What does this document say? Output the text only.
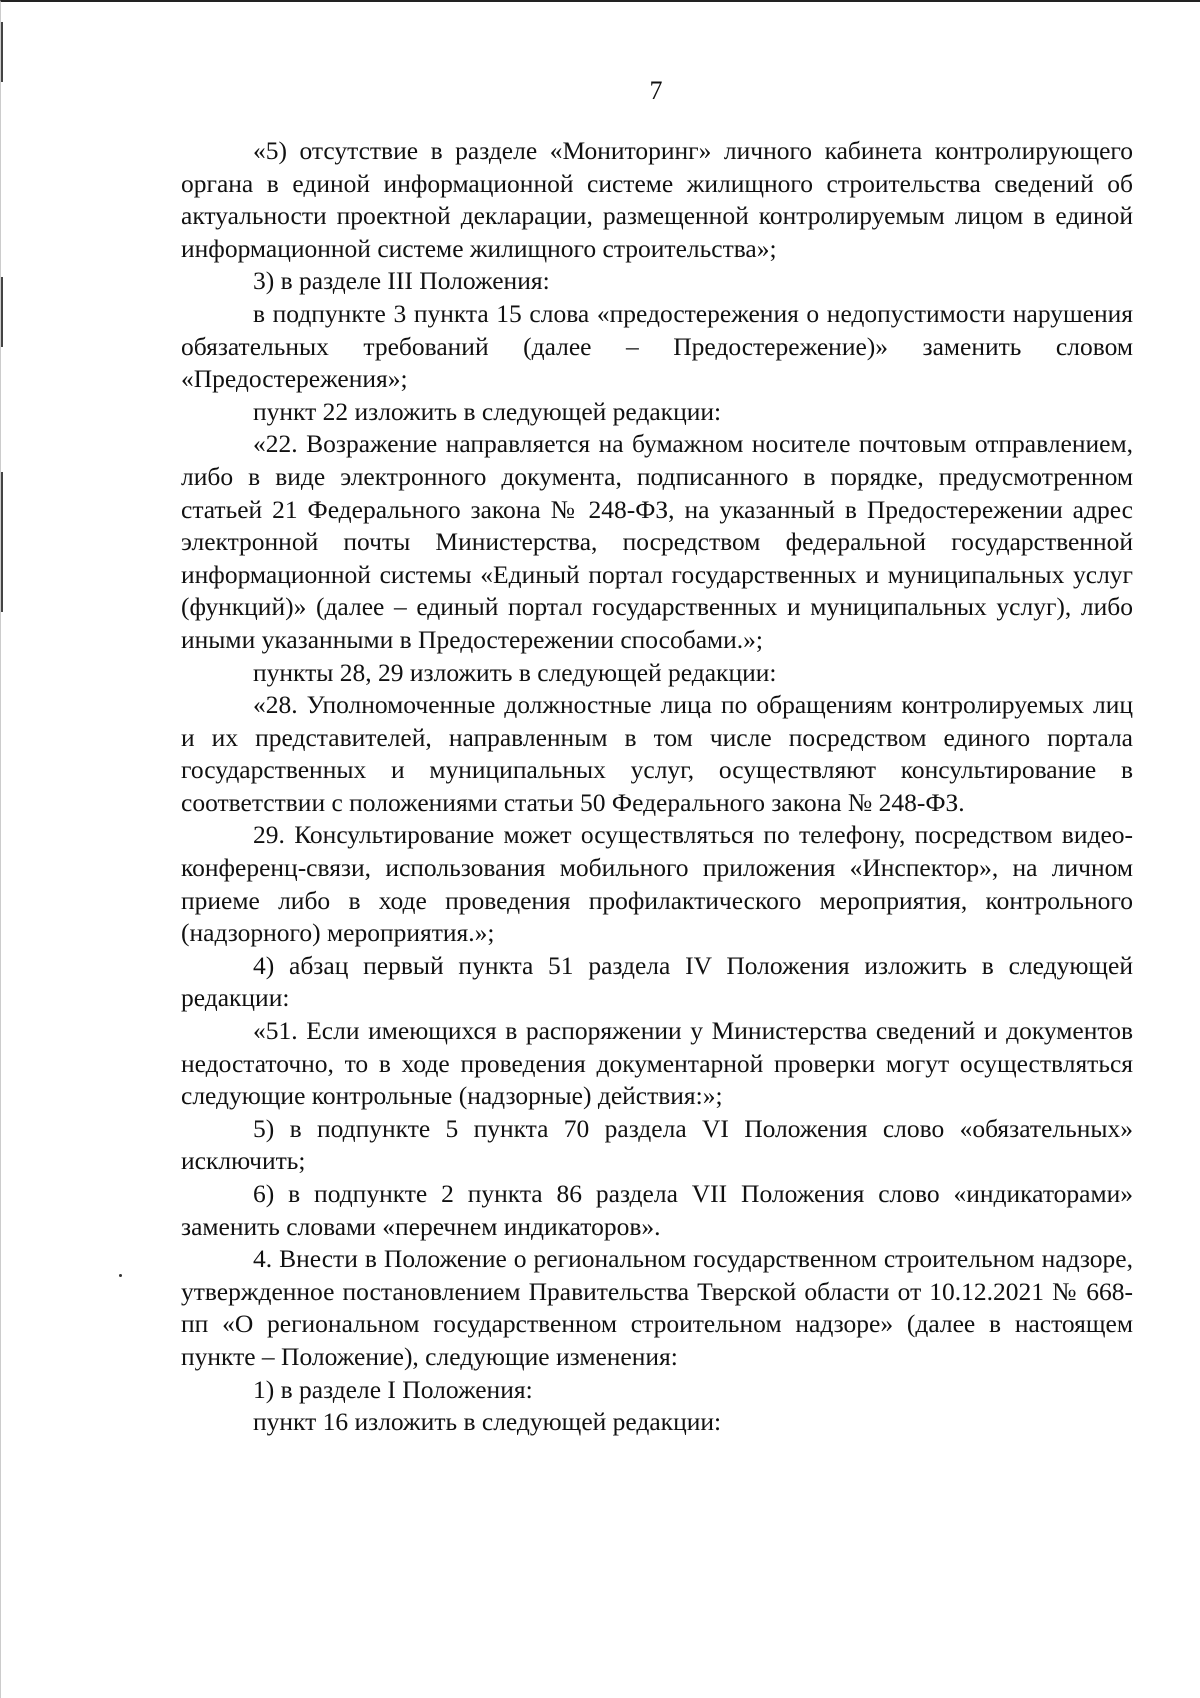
7

«5) отсутствие в разделе «Мониторинг» личного кабинета контролирующего органа в единой информационной системе жилищного строительства сведений об актуальности проектной декларации, размещенной контролируемым лицом в единой информационной системе жилищного строительства»;

3) в разделе III Положения:

в подпункте 3 пункта 15 слова «предостережения о недопустимости нарушения обязательных требований (далее – Предостережение)» заменить словом «Предостережения»;

пункт 22 изложить в следующей редакции:

«22. Возражение направляется на бумажном носителе почтовым отправлением, либо в виде электронного документа, подписанного в порядке, предусмотренном статьей 21 Федерального закона № 248-ФЗ, на указанный в Предостережении адрес электронной почты Министерства, посредством федеральной государственной информационной системы «Единый портал государственных и муниципальных услуг (функций)» (далее – единый портал государственных и муниципальных услуг), либо иными указанными в Предостережении способами.»;

пункты 28, 29 изложить в следующей редакции:

«28. Уполномоченные должностные лица по обращениям контролируемых лиц и их представителей, направленным в том числе посредством единого портала государственных и муниципальных услуг, осуществляют консультирование в соответствии с положениями статьи 50 Федерального закона № 248-ФЗ.

29. Консультирование может осуществляться по телефону, посредством видео-конференц-связи, использования мобильного приложения «Инспектор», на личном приеме либо в ходе проведения профилактического мероприятия, контрольного (надзорного) мероприятия.»;

4) абзац первый пункта 51 раздела IV Положения изложить в следующей редакции:

«51. Если имеющихся в распоряжении у Министерства сведений и документов недостаточно, то в ходе проведения документарной проверки могут осуществляться следующие контрольные (надзорные) действия:»;

5) в подпункте 5 пункта 70 раздела VI Положения слово «обязательных» исключить;

6) в подпункте 2 пункта 86 раздела VII Положения слово «индикаторами» заменить словами «перечнем индикаторов».

4. Внести в Положение о региональном государственном строительном надзоре, утвержденное постановлением Правительства Тверской области от 10.12.2021 № 668-пп «О региональном государственном строительном надзоре» (далее в настоящем пункте – Положение), следующие изменения:

1) в разделе I Положения:

пункт 16 изложить в следующей редакции:
